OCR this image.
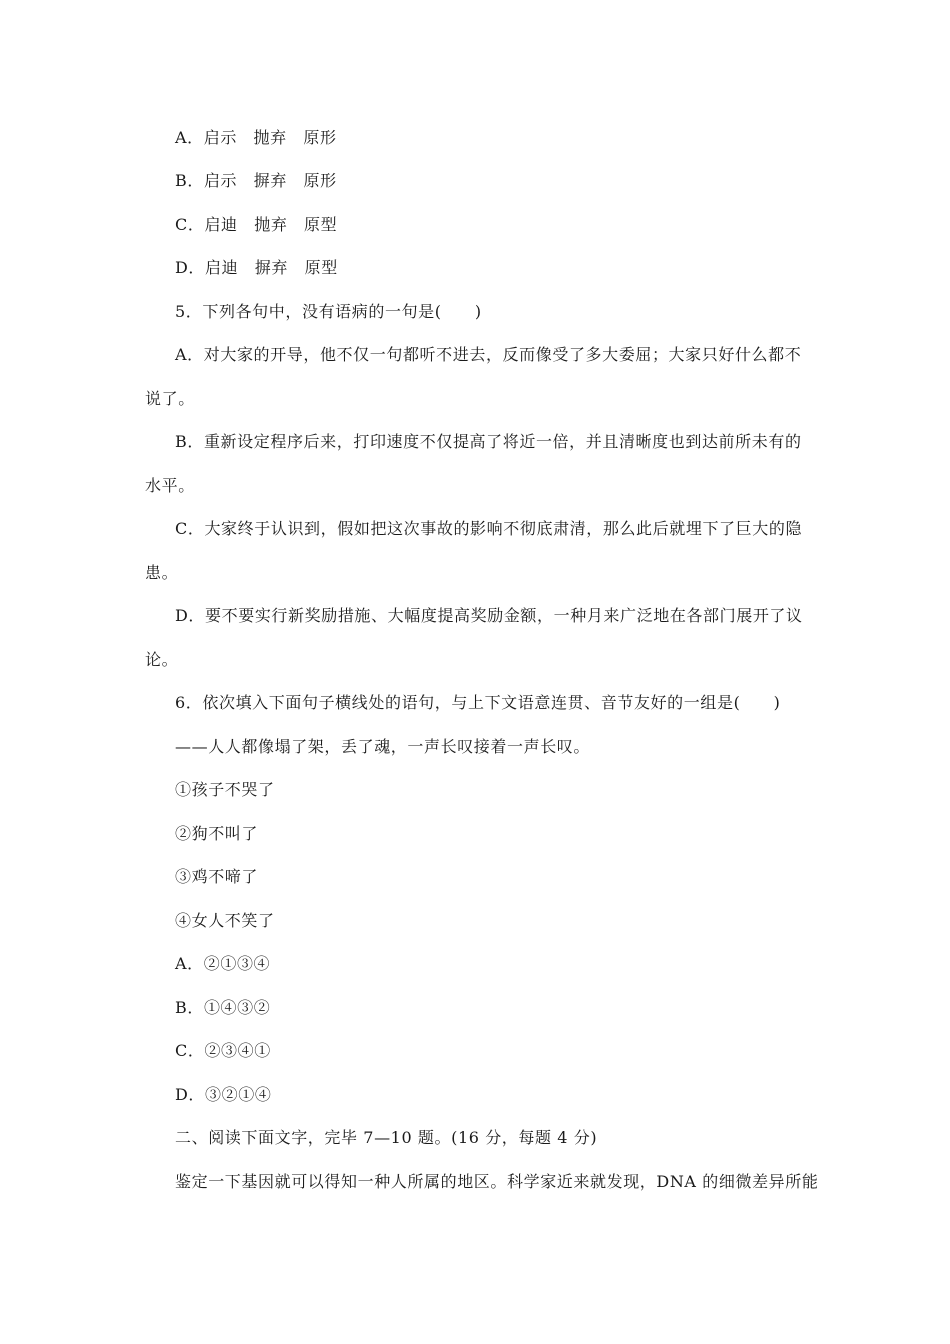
A．启示　抛弃　原形
B．启示　摒弃　原形
C．启迪　抛弃　原型
D．启迪　摒弃　原型
5．下列各句中，没有语病的一句是(　　)
A．对大家的开导，他不仅一句都听不进去，反而像受了多大委屈；大家只好什么都不
说了。
B．重新设定程序后来，打印速度不仅提高了将近一倍，并且清晰度也到达前所未有的
水平。
C．大家终于认识到，假如把这次事故的影响不彻底肃清，那么此后就埋下了巨大的隐
患。
D．要不要实行新奖励措施、大幅度提高奖励金额，一种月来广泛地在各部门展开了议
论。
6．依次填入下面句子横线处的语句，与上下文语意连贯、音节友好的一组是(　　)
——人人都像塌了架，丢了魂，一声长叹接着一声长叹。
①孩子不哭了
②狗不叫了
③鸡不啼了
④女人不笑了
A．②①③④
B．①④③②
C．②③④①
D．③②①④
二、阅读下面文字，完毕 7—10 题。(16 分，每题 4 分)
鉴定一下基因就可以得知一种人所属的地区。科学家近来就发现，DNA 的细微差异所能
